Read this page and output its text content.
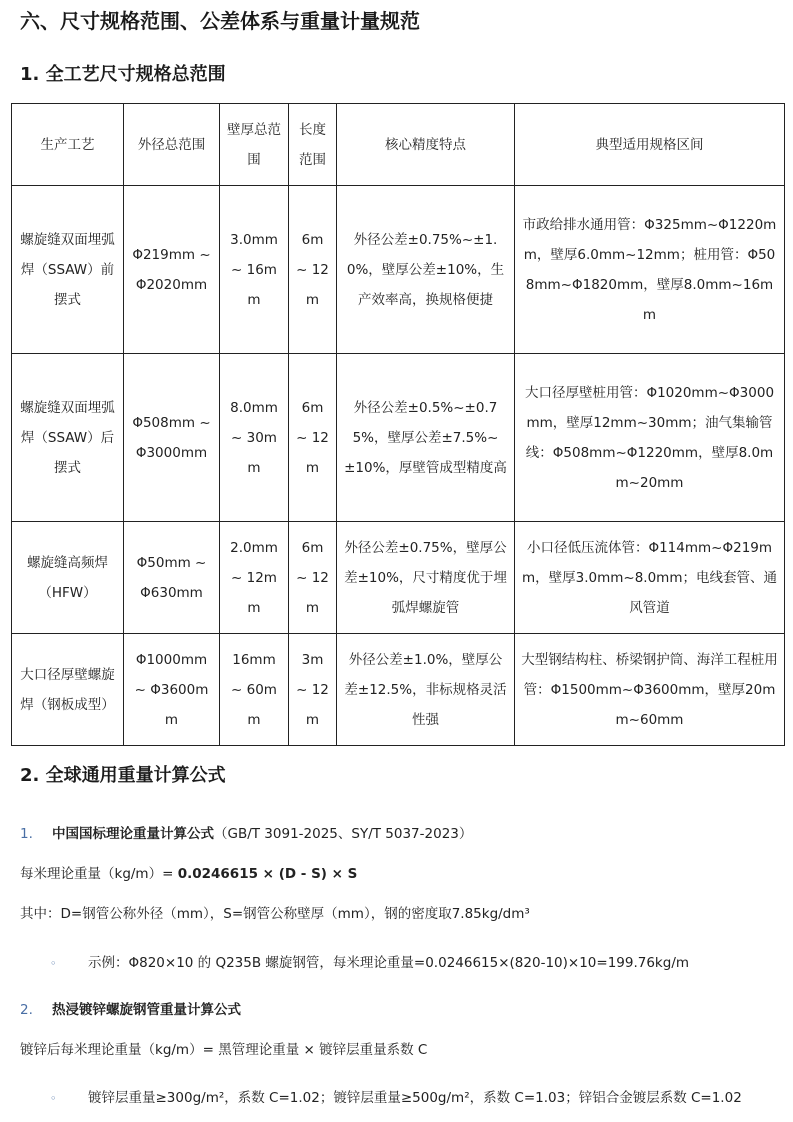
六、尺寸规格范围、公差体系与重量计量规范
1. 全工艺尺寸规格总范围
生产工艺	外径总范围	壁厚总范围	长度范围	核心精度特点	典型适用规格区间
螺旋缝双面埋弧焊（SSAW）前摆式	Φ219mm ~ Φ2020mm	3.0mm ~ 16mm	6m ~ 12m	外径公差±0.75%~±1.0%，壁厚公差±10%，生产效率高，换规格便捷	市政给排水通用管：Φ325mm~Φ1220mm，壁厚6.0mm~12mm；桩用管：Φ508mm~Φ1820mm，壁厚8.0mm~16mm
螺旋缝双面埋弧焊（SSAW）后摆式	Φ508mm ~ Φ3000mm	8.0mm ~ 30mm	6m ~ 12m	外径公差±0.5%~±0.75%，壁厚公差±7.5%~±10%，厚壁管成型精度高	大口径厚壁桩用管：Φ1020mm~Φ3000mm，壁厚12mm~30mm；油气集输管线：Φ508mm~Φ1220mm，壁厚8.0mm~20mm
螺旋缝高频焊（HFW）	Φ50mm ~ Φ630mm	2.0mm ~ 12mm	6m ~ 12m	外径公差±0.75%，壁厚公差±10%，尺寸精度优于埋弧焊螺旋管	小口径低压流体管：Φ114mm~Φ219mm，壁厚3.0mm~8.0mm；电线套管、通风管道
大口径厚壁螺旋焊（钢板成型）	Φ1000mm ~ Φ3600mm	16mm ~ 60mm	3m ~ 12m	外径公差±1.0%，壁厚公差±12.5%，非标规格灵活性强	大型钢结构柱、桥梁钢护筒、海洋工程桩用管：Φ1500mm~Φ3600mm，壁厚20mm~60mm
2. 全球通用重量计算公式
1. 中国国标理论重量计算公式（GB/T 3091-2025、SY/T 5037-2023）
每米理论重量（kg/m）= 0.0246615 × (D - S) × S
其中：D=钢管公称外径（mm），S=钢管公称壁厚（mm），钢的密度取7.85kg/dm³
◦ 示例：Φ820×10 的 Q235B 螺旋钢管，每米理论重量=0.0246615×(820-10)×10=199.76kg/m
2. 热浸镀锌螺旋钢管重量计算公式
镀锌后每米理论重量（kg/m）= 黑管理论重量 × 镀锌层重量系数 C
◦ 镀锌层重量≥300g/m²，系数 C=1.02；镀锌层重量≥500g/m²，系数 C=1.03；锌铝合金镀层系数 C=1.02
